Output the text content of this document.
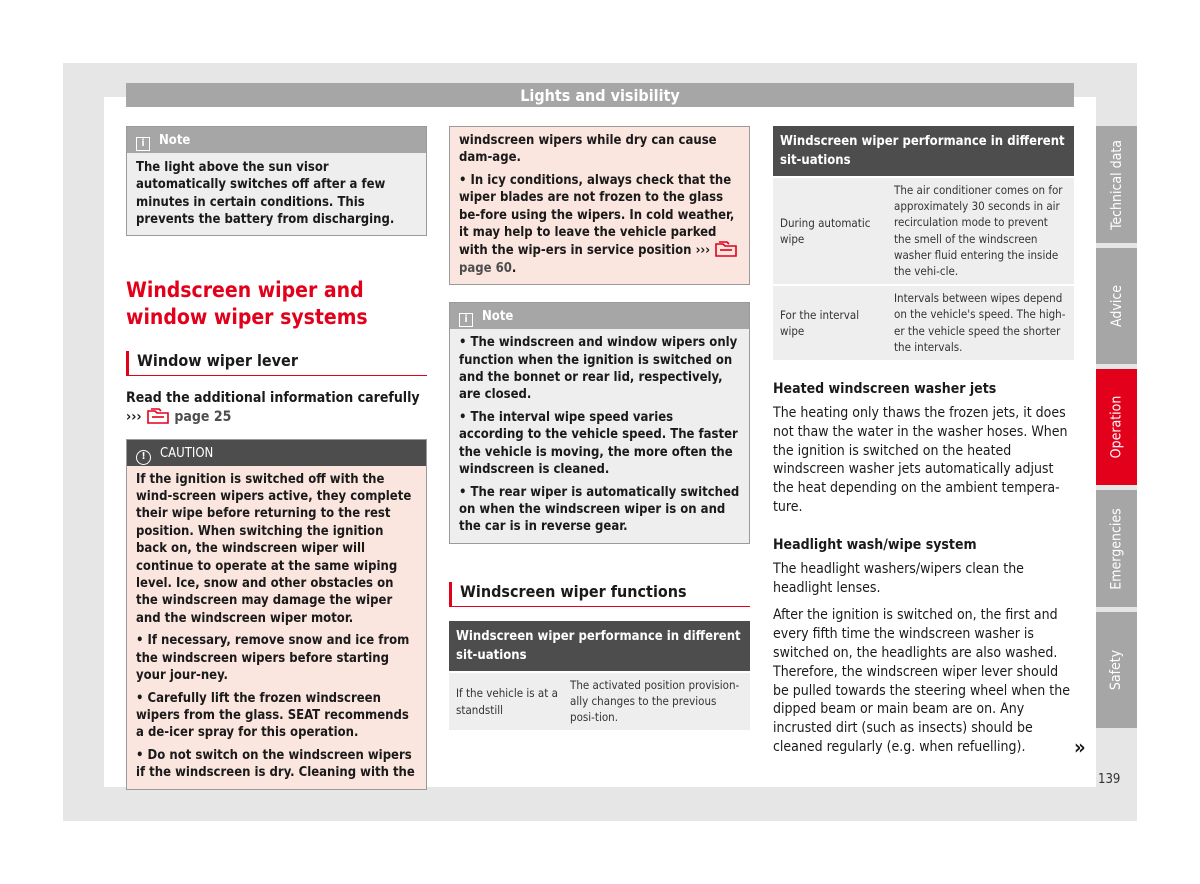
Lights and visibility
i Note

The light above the sun visor automatically switches off after a few minutes in certain conditions. This prevents the battery from discharging.

Windscreen wiper and window wiper systems
Window wiper lever

Read the additional information carefully
››› page 25

! CAUTION

If the ignition is switched off with the wind-screen wipers active, they complete their wipe before returning to the rest position. When switching the ignition back on, the windscreen wiper will continue to operate at the same wiping level. Ice, snow and other obstacles on the windscreen may damage the wiper and the windscreen wiper motor.

• If necessary, remove snow and ice from the windscreen wipers before starting your jour-ney.

• Carefully lift the frozen windscreen wipers from the glass. SEAT recommends a de-icer spray for this operation.

• Do not switch on the windscreen wipers if the windscreen is dry. Cleaning with the

windscreen wipers while dry can cause dam-age.

• In icy conditions, always check that the wiper blades are not frozen to the glass be-fore using the wipers. In cold weather, it may help to leave the vehicle parked with the wip-ers in service position ›››  page 60.

i Note

• The windscreen and window wipers only function when the ignition is switched on and the bonnet or rear lid, respectively, are closed.

• The interval wipe speed varies according to the vehicle speed. The faster the vehicle is moving, the more often the windscreen is cleaned.

• The rear wiper is automatically switched on when the windscreen wiper is on and the car is in reverse gear.

Windscreen wiper functions
Windscreen wiper performance in different sit-uations
If the vehicle is at a standstill
The activated position provision-ally changes to the previous posi-tion.
Windscreen wiper performance in different sit-uations
During automatic wipe
The air conditioner comes on for approximately 30 seconds in air recirculation mode to prevent the smell of the windscreen washer fluid entering the inside the vehi-cle.
For the interval wipe
Intervals between wipes depend on the vehicle's speed. The high-er the vehicle speed the shorter the intervals.
Heated windscreen washer jets

The heating only thaws the frozen jets, it does not thaw the water in the washer hoses. When the ignition is switched on the heated windscreen washer jets automatically adjust the heat depending on the ambient tempera-ture.

Headlight wash/wipe system

The headlight washers/wipers clean the headlight lenses.

After the ignition is switched on, the first and every fifth time the windscreen washer is switched on, the headlights are also washed. Therefore, the windscreen wiper lever should be pulled towards the steering wheel when the dipped beam or main beam are on. Any incrusted dirt (such as insects) should be cleaned regularly (e.g. when refuelling).	»
Technical data
Advice
Operation
Emergencies
Safety
139
